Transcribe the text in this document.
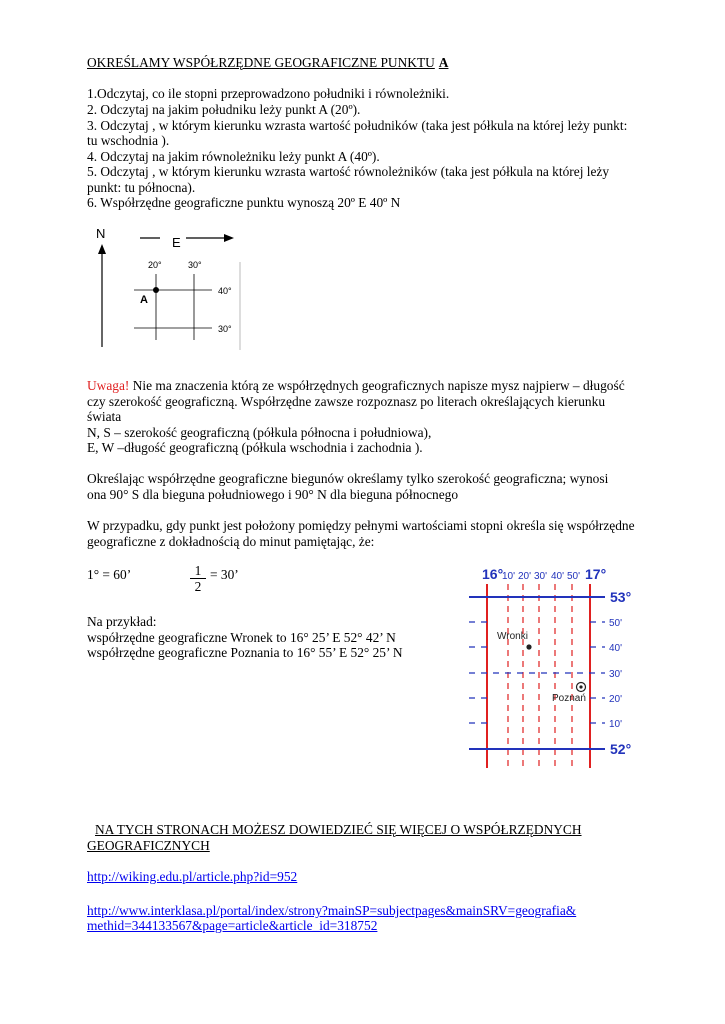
OKREŚLAMY WSPÓŁRZĘDNE GEOGRAFICZNE PUNKTU A
1.Odczytaj, co ile stopni przeprowadzono południki i równoleżniki.
2. Odczytaj na jakim południku leży punkt A (20º).
3. Odczytaj , w którym kierunku wzrasta wartość południków (taka jest półkula na której leży punkt:
tu wschodnia ).
4. Odczytaj na jakim równoleżniku leży punkt A (40º).
5. Odczytaj , w którym kierunku wzrasta wartość równoleżników (taka jest półkula na której leży
punkt: tu północna).
6. Współrzędne geograficzne punktu wynoszą 20º E 40º N
N
E
20°	30°
40°
30°
A
Uwaga! Nie ma znaczenia którą ze współrzędnych geograficznych napisze mysz najpierw – długość
czy szerokość geograficzną. Współrzędne zawsze rozpoznasz po literach określających kierunku
świata
N, S – szerokość geograficzną (półkula północna i południowa),
E, W –długość geograficzną (półkula wschodnia i zachodnia ).
Określając współrzędne geograficzne biegunów określamy tylko szerokość geograficzna; wynosi
ona 90° S dla bieguna południowego i 90° N dla bieguna północnego
W przypadku, gdy punkt jest położony pomiędzy pełnymi wartościami stopni określa się współrzędne
geograficzne z dokładnością do minut pamiętając, że:
1° = 60’	$\frac{1}{2} = 30$’
Na przykład:
współrzędne geograficzne Wronek to 16° 25’ E 52° 42’ N
współrzędne geograficzne Poznania to 16° 55’ E 52° 25’ N
16°	17°
10' 20' 30' 40' 50'
53°
52°
50'
40'
30'
20'
10'
Wronki
Poznań
NA TYCH STRONACH MOŻESZ DOWIEDZIEĆ SIĘ WIĘCEJ O WSPÓŁRZĘDNYCH
GEOGRAFICZNYCH
http://wiking.edu.pl/article.php?id=952
http://www.interklasa.pl/portal/index/strony?mainSP=subjectpages&mainSRV=geografia&
methid=344133567&page=article&article_id=318752
